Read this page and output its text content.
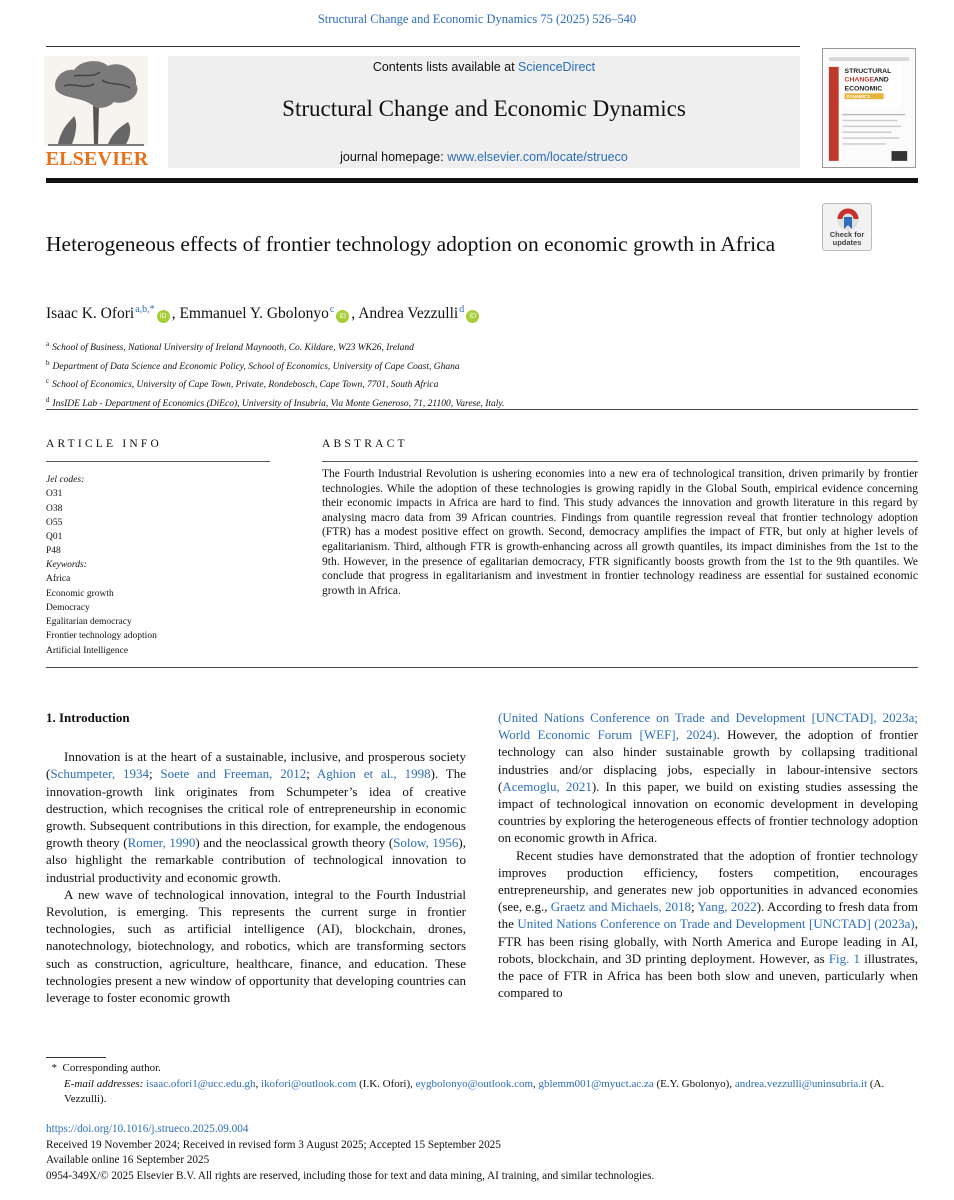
Structural Change and Economic Dynamics 75 (2025) 526–540
ELSEVIER
Contents lists available at ScienceDirect
Structural Change and Economic Dynamics
journal homepage: www.elsevier.com/locate/strueco
STRUCTURAL
CHANGE AND
ECONOMIC
DYNAMICS
Heterogeneous effects of frontier technology adoption on economic growth in Africa	Check for updates
Isaac K. Ofori$^{a,b,*}$iD , Emmanuel Y. Gbolonyo$^c$iD , Andrea Vezzulli$^d$iD
$^a$ School of Business, National University of Ireland Maynooth, Co. Kildare, W23 WK26, Ireland
$^b$ Department of Data Science and Economic Policy, School of Economics, University of Cape Coast, Ghana
$^c$ School of Economics, University of Cape Town, Private, Rondebosch, Cape Town, 7701, South Africa
$^d$ InsIDE Lab - Department of Economics (DiEco), University of Insubria, Via Monte Generoso, 71, 21100, Varese, Italy.
ARTICLE INFO
Jel codes:
O31
O38
O55
Q01
P48
Keywords:
Africa
Economic growth
Democracy
Egalitarian democracy
Frontier technology adoption
Artificial Intelligence
ABSTRACT
The Fourth Industrial Revolution is ushering economies into a new era of technological transition, driven primarily by frontier technologies. While the adoption of these technologies is growing rapidly in the Global South, empirical evidence concerning their economic impacts in Africa are hard to find. This study advances the innovation and growth literature in this regard by analysing macro data from 39 African countries. Findings from quantile regression reveal that frontier technology adoption (FTR) has a modest positive effect on growth. Second, democracy amplifies the impact of FTR, but only at higher levels of egalitarianism. Third, although FTR is growth-enhancing across all growth quantiles, its impact diminishes from the 1st to the 9th. However, in the presence of egalitarian democracy, FTR significantly boosts growth from the 1st to the 9th quantiles. We conclude that progress in egalitarianism and investment in frontier technology readiness are essential for sustained economic growth in Africa.

1. Introduction

Innovation is at the heart of a sustainable, inclusive, and prosperous society (Schumpeter, 1934; Soete and Freeman, 2012; Aghion et al., 1998). The innovation-growth link originates from Schumpeter’s idea of creative destruction, which recognises the critical role of entrepreneurship in economic growth. Subsequent contributions in this direction, for example, the endogenous growth theory (Romer, 1990) and the neoclassical growth theory (Solow, 1956), also highlight the remarkable contribution of technological innovation to industrial productivity and economic growth.

A new wave of technological innovation, integral to the Fourth Industrial Revolution, is emerging. This represents the current surge in frontier technologies, such as artificial intelligence (AI), blockchain, drones, nanotechnology, biotechnology, and robotics, which are transforming sectors such as construction, agriculture, healthcare, finance, and education. These technologies present a new window of opportunity that developing countries can leverage to foster economic growth

(United Nations Conference on Trade and Development [UNCTAD], 2023a; World Economic Forum [WEF], 2024). However, the adoption of frontier technology can also hinder sustainable growth by collapsing traditional industries and/or displacing jobs, especially in labour-intensive sectors (Acemoglu, 2021). In this paper, we build on existing studies assessing the impact of technological innovation on economic development in developing countries by exploring the heterogeneous effects of frontier technology adoption on economic growth in Africa.

Recent studies have demonstrated that the adoption of frontier technology improves production efficiency, fosters competition, encourages entrepreneurship, and generates new job opportunities in advanced economies (see, e.g., Graetz and Michaels, 2018; Yang, 2022). According to fresh data from the United Nations Conference on Trade and Development [UNCTAD] (2023a), FTR has been rising globally, with North America and Europe leading in AI, robots, blockchain, and 3D printing deployment. However, as Fig. 1 illustrates, the pace of FTR in Africa has been both slow and uneven, particularly when compared to

*  Corresponding author.
E-mail addresses: isaac.ofori1@ucc.edu.gh, ikofori@outlook.com (I.K. Ofori), eygbolonyo@outlook.com, gblemm001@myuct.ac.za (E.Y. Gbolonyo), andrea.vezzulli@uninsubria.it (A. Vezzulli).
https://doi.org/10.1016/j.strueco.2025.09.004
Received 19 November 2024; Received in revised form 3 August 2025; Accepted 15 September 2025
Available online 16 September 2025
0954-349X/© 2025 Elsevier B.V. All rights are reserved, including those for text and data mining, AI training, and similar technologies.
